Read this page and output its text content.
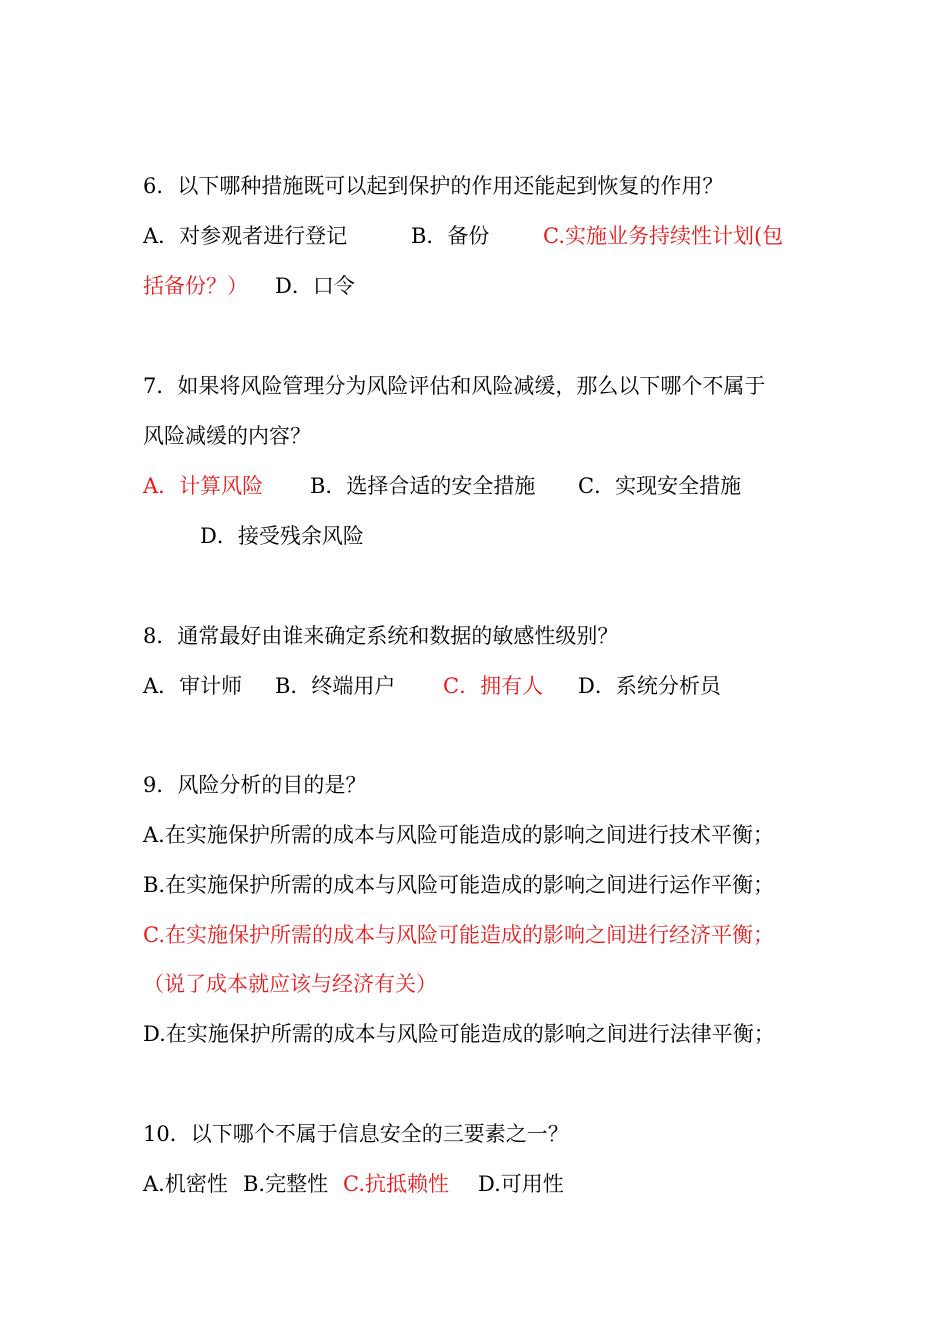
6．以下哪种措施既可以起到保护的作用还能起到恢复的作用？
A．对参观者进行登记	B．备份	C.实施业务持续性计划(包
括备份？） D．口令
7．如果将风险管理分为风险评估和风险减缓，那么以下哪个不属于
风险减缓的内容？
A．计算风险 B．选择合适的安全措施 C．实现安全措施
D．接受残余风险
8．通常最好由谁来确定系统和数据的敏感性级别？
A．审计师 B．终端用户 C．拥有人 D．系统分析员
9．风险分析的目的是？
A.在实施保护所需的成本与风险可能造成的影响之间进行技术平衡；
B.在实施保护所需的成本与风险可能造成的影响之间进行运作平衡；
C.在实施保护所需的成本与风险可能造成的影响之间进行经济平衡；
（说了成本就应该与经济有关）
D.在实施保护所需的成本与风险可能造成的影响之间进行法律平衡；
10．以下哪个不属于信息安全的三要素之一？
A.机密性 B.完整性 C.抗抵赖性 D.可用性
